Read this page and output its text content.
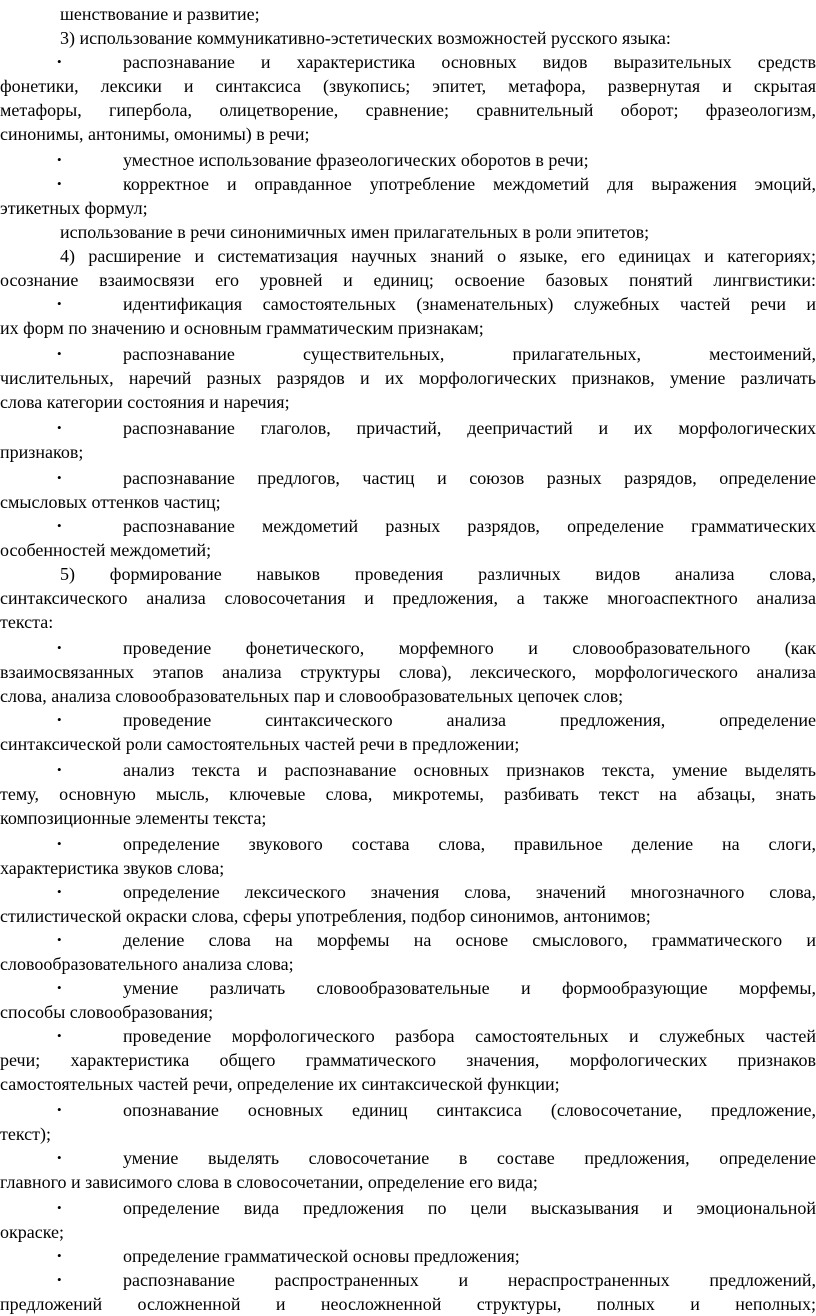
шенствование и развитие;
3) использование коммуникативно-эстетических возможностей русского языка:
•	распознавание и характеристика основных видов выразительных средств
фонетики, лексики и синтаксиса (звукопись; эпитет, метафора, развернутая и скрытая
метафоры, гипербола, олицетворение, сравнение; сравнительный оборот; фразеологизм,
синонимы, антонимы, омонимы) в речи;
•	уместное использование фразеологических оборотов в речи;
•	корректное и оправданное употребление междометий для выражения эмоций,
этикетных формул;
использование в речи синонимичных имен прилагательных в роли эпитетов;
4) расширение и систематизация научных знаний о языке, его единицах и категориях;
осознание взаимосвязи его уровней и единиц; освоение базовых понятий лингвистики:
•	идентификация самостоятельных (знаменательных) служебных частей речи и
их форм по значению и основным грамматическим признакам;
•	распознавание существительных, прилагательных, местоимений,
числительных, наречий разных разрядов и их морфологических признаков, умение различать
слова категории состояния и наречия;
•	распознавание глаголов, причастий, деепричастий и их морфологических
признаков;
•	распознавание предлогов, частиц и союзов разных разрядов, определение
смысловых оттенков частиц;
•	распознавание междометий разных разрядов, определение грамматических
особенностей междометий;
5) формирование навыков проведения различных видов анализа слова,
синтаксического анализа словосочетания и предложения, а также многоаспектного анализа
текста:
•	проведение фонетического, морфемного и словообразовательного (как
взаимосвязанных этапов анализа структуры слова), лексического, морфологического анализа
слова, анализа словообразовательных пар и словообразовательных цепочек слов;
•	проведение синтаксического анализа предложения, определение
синтаксической роли самостоятельных частей речи в предложении;
•	анализ текста и распознавание основных признаков текста, умение выделять
тему, основную мысль, ключевые слова, микротемы, разбивать текст на абзацы, знать
композиционные элементы текста;
•	определение звукового состава слова, правильное деление на слоги,
характеристика звуков слова;
•	определение лексического значения слова, значений многозначного слова,
стилистической окраски слова, сферы употребления, подбор синонимов, антонимов;
•	деление слова на морфемы на основе смыслового, грамматического и
словообразовательного анализа слова;
•	умение различать словообразовательные и формообразующие морфемы,
способы словообразования;
•	проведение морфологического разбора самостоятельных и служебных частей
речи; характеристика общего грамматического значения, морфологических признаков
самостоятельных частей речи, определение их синтаксической функции;
•	опознавание основных единиц синтаксиса (словосочетание, предложение,
текст);
•	умение выделять словосочетание в составе предложения, определение
главного и зависимого слова в словосочетании, определение его вида;
•	определение вида предложения по цели высказывания и эмоциональной
окраске;
•	определение грамматической основы предложения;
•	распознавание распространенных и нераспространенных предложений,
предложений осложненной и неосложненной структуры, полных и неполных;
